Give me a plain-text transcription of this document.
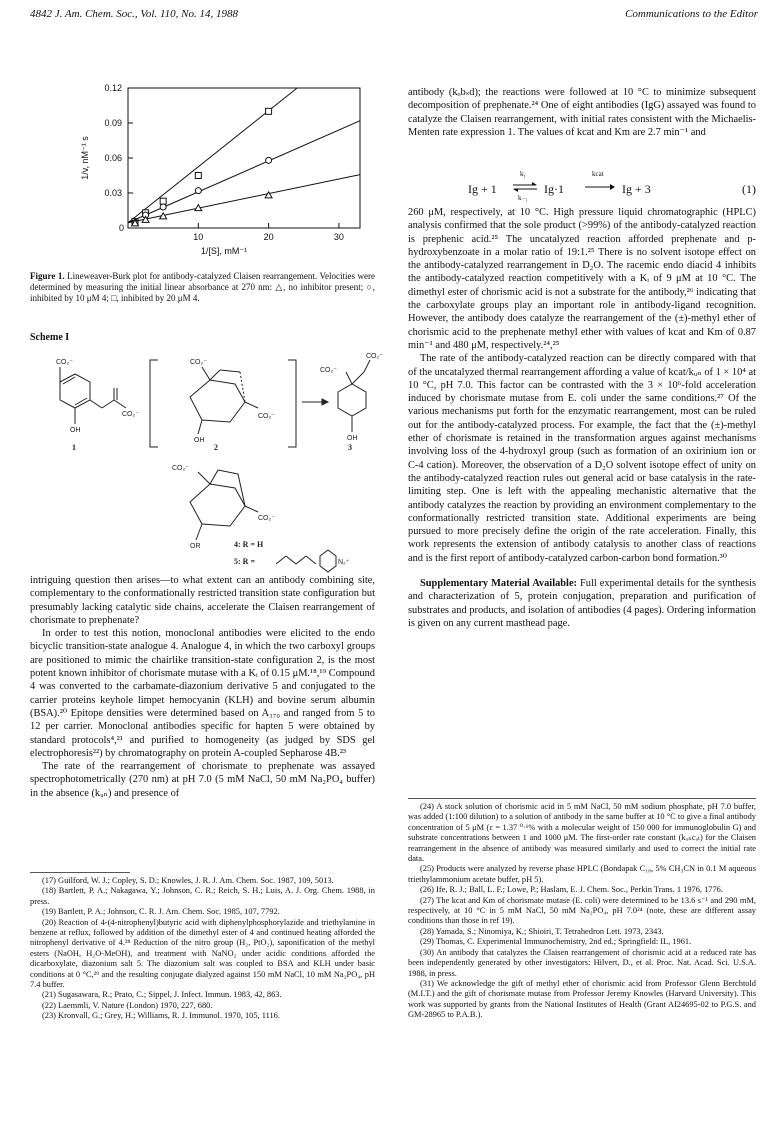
4842 J. Am. Chem. Soc., Vol. 110, No. 14, 1988	Communications to the Editor
0.03
0.06
0.09
0.12
0
10	20	30
1/[S], mM⁻¹
1/v, nM⁻¹ s
Figure 1. Lineweaver-Burk plot for antibody-catalyzed Claisen rearrangement. Velocities were determined by measuring the initial linear absorbance at 270 nm: △, no inhibitor present; ○, inhibited by 10 μM 4; □, inhibited by 20 μM 4.
Scheme I
CO₂⁻
OH
CO₂⁻
CO₂⁻
CO₂⁻
OH
CO₂⁻
CO₂⁻
OH
CO₂⁻
CO₂⁻
OR
N₂⁺
1	2	3
4: R = H
5: R =

intriguing question then arises—to what extent can an antibody combining site, complementary to the conformationally restricted transition state configuration but presumably lacking catalytic side chains, accelerate the Claisen rearrangement of chorismate to prephenate?

In order to test this notion, monoclonal antibodies were elicited to the endo bicyclic transition-state analogue 4. Analogue 4, in which the two carboxyl groups are positioned to mimic the chairlike transition-state configuration 2, is the most potent known inhibitor of chorismate mutase with a Kᵢ of 0.15 μM.¹⁸,¹⁹ Compound 4 was converted to the carbamate-diazonium derivative 5 and conjugated to the carrier proteins keyhole limpet hemocyanin (KLH) and bovine serum albumin (BSA).²⁰ Epitope densities were determined based on A₃₇₀ and ranged from 5 to 12 per carrier. Monoclonal antibodies specific for hapten 5 were obtained by standard protocols⁴,²¹ and purified to homogeneity (as judged by SDS gel electrophoresis²²) by chromatography on protein A-coupled Sepharose 4B.²³

The rate of the rearrangement of chorismate to prephenate was assayed spectrophotometrically (270 nm) at pH 7.0 (5 mM NaCl, 50 mM Na₂PO₄ buffer) in the absence (kᵤₙ) and presence of

(17) Guilford, W. J.; Copley, S. D.; Knowles, J. R. J. Am. Chem. Soc. 1987, 109, 5013.

(18) Bartlett, P. A.; Nakagawa, Y.; Johnson, C. R.; Reich, S. H.; Luis, A. J. Org. Chem. 1988, in press.

(19) Bartlett, P. A.; Johnson, C. R. J. Am. Chem. Soc. 1985, 107, 7792.

(20) Reaction of 4-(4-nitrophenyl)butyric acid with diphenylphosphorylazide and triethylamine in benzene at reflux, followed by addition of the dimethyl ester of 4 and continued heating afforded the nitrophenyl derivative of 4.²⁸ Reduction of the nitro group (H₂, PtO₂), saponification of the methyl esters (NaOH, H₂O-MeOH), and treatment with NaNO₂ under acidic conditions afforded the dicarboxylate, diazonium salt 5. The diazonium salt was coupled to BSA and KLH under basic conditions at 0 °C,²⁹ and the resulting conjugate dialyzed against 150 mM NaCl, 10 mM Na₂PO₄, pH 7.4 buffer.

(21) Sugasawara, R.; Prato, C.; Sippel, J. Infect. Immun. 1983, 42, 863.

(22) Laemmli, V. Nature (London) 1970, 227, 680.

(23) Kronvall, G.; Grey, H.; Williams, R. J. Immunol. 1970, 105, 1116.

antibody (kₒbₛd); the reactions were followed at 10 °C to minimize subsequent decomposition of prephenate.²⁴ One of eight antibodies (IgG) assayed was found to catalyze the Claisen rearrangement, with initial rates consistent with the Michaelis-Menten rate expression 1. The values of kcat and Km are 2.7 min⁻¹ and

Ig + 1
k₁
k₋₁
Ig·1
kcat
Ig + 3	(1)

260 μM, respectively, at 10 °C. High pressure liquid chromatographic (HPLC) analysis confirmed that the sole product (>99%) of the antibody-catalyzed reaction is prephenic acid.²⁵ The uncatalyzed reaction afforded prephenate and p-hydroxybenzoate in a molar ratio of 19:1.²⁵ There is no solvent isotope effect on the antibody-catalyzed rearrangement in D₂O. The racemic endo diacid 4 inhibits the antibody-catalyzed reaction competitively with a Kᵢ of 9 μM at 10 °C. The dimethyl ester of chorismic acid is not a substrate for the antibody,²⁶ indicating that the carboxylate groups play an important role in antibody-ligand recognition. However, the antibody does catalyze the rearrangement of the (±)-methyl ether of chorismic acid to the prephenate methyl ether with values of kcat and Km of 0.87 min⁻¹ and 480 μM, respectively.²⁴,²⁵

The rate of the antibody-catalyzed reaction can be directly compared with that of the uncatalyzed thermal rearrangement affording a value of kcat/kᵤₙ of 1 × 10⁴ at 10 °C, pH 7.0. This factor can be contrasted with the 3 × 10⁶-fold acceleration induced by chorismate mutase from E. coli under the same conditions.²⁷ Of the various mechanisms put forth for the enzymatic rearrangement, most can be ruled out for the antibody-catalyzed process. For example, the fact that the (±)-methyl ether of chorismate is retained in the transformation argues against mechanisms involving loss of the 4-hydroxyl group (such as formation of an oxirinium ion or C-4 cation). Moreover, the observation of a D₂O solvent isotope effect of unity on the antibody-catalyzed reaction rules out general acid or base catalysis in the rate-limiting step. One is left with the appealing mechanistic alternative that the antibody catalyzes the reaction by providing an environment complementary to the conformationally restricted transition state. Additional experiments are being pursued to more precisely define the origin of the rate acceleration. Finally, this work represents the extension of antibody catalysis to another class of reactions and is the first report of antibody-catalyzed carbon-carbon bond formation.³⁰

Supplementary Material Available: Full experimental details for the synthesis and characterization of 5, protein conjugation, preparation and purification of substrates and products, and isolation of antibodies (4 pages). Ordering information is given on any current masthead page.

(24) A stock solution of chorismic acid in 5 mM NaCl, 50 mM sodium phosphate, pH 7.0 buffer, was added (1:100 dilution) to a solution of antibody in the same buffer at 10 °C to give a final antibody concentration of 5 μM (ε = 1.37 ⁰·¹% with a molecular weight of 150 000 for immunoglobulin G) and substrate concentrations between 1 and 1000 μM. The first-order rate constant (kᵤₙcₐₜ) for the Claisen rearrangement in the absence of antibody was measured similarly and used to correct the initial rate data.

(25) Products were analyzed by reverse phase HPLC (Bondapak C₁₈, 5% CH₃CN in 0.1 M aqueous triethylammonium acetate buffer, pH 5).

(26) Ife, R. J.; Ball, L. F.; Lowe, P.; Haslam, E. J. Chem. Soc., Perkin Trans. 1 1976, 1776.

(27) The kcat and Km of chorismate mutase (E. coli) were determined to be 13.6 s⁻¹ and 290 mM, respectively, at 10 °C in 5 mM NaCl, 50 mM Na₂PO₄, pH 7.0²⁴ (note, these are different assay conditions than those in ref 19).

(28) Yamada, S.; Ninomiya, K.; Shioiri, T. Tetrahedron Lett. 1973, 2343.

(29) Thomas, C. Experimental Immunochemistry, 2nd ed.; Springfield: IL, 1961.

(30) An antibody that catalyzes the Claisen rearrangement of chorismic acid at a reduced rate has been independently generated by other investigators: Hilvert, D., et al. Proc. Nat. Acad. Sci. U.S.A. 1988, in press.

(31) We acknowledge the gift of methyl ether of chorismic acid from Professor Glenn Berchtold (M.I.T.) and the gift of chorismate mutase from Professor Jeremy Knowles (Harvard University). This work was supported by grants from the National Institutes of Health (Grant AI24695-02 to P.G.S. and GM-28965 to P.A.B.).
